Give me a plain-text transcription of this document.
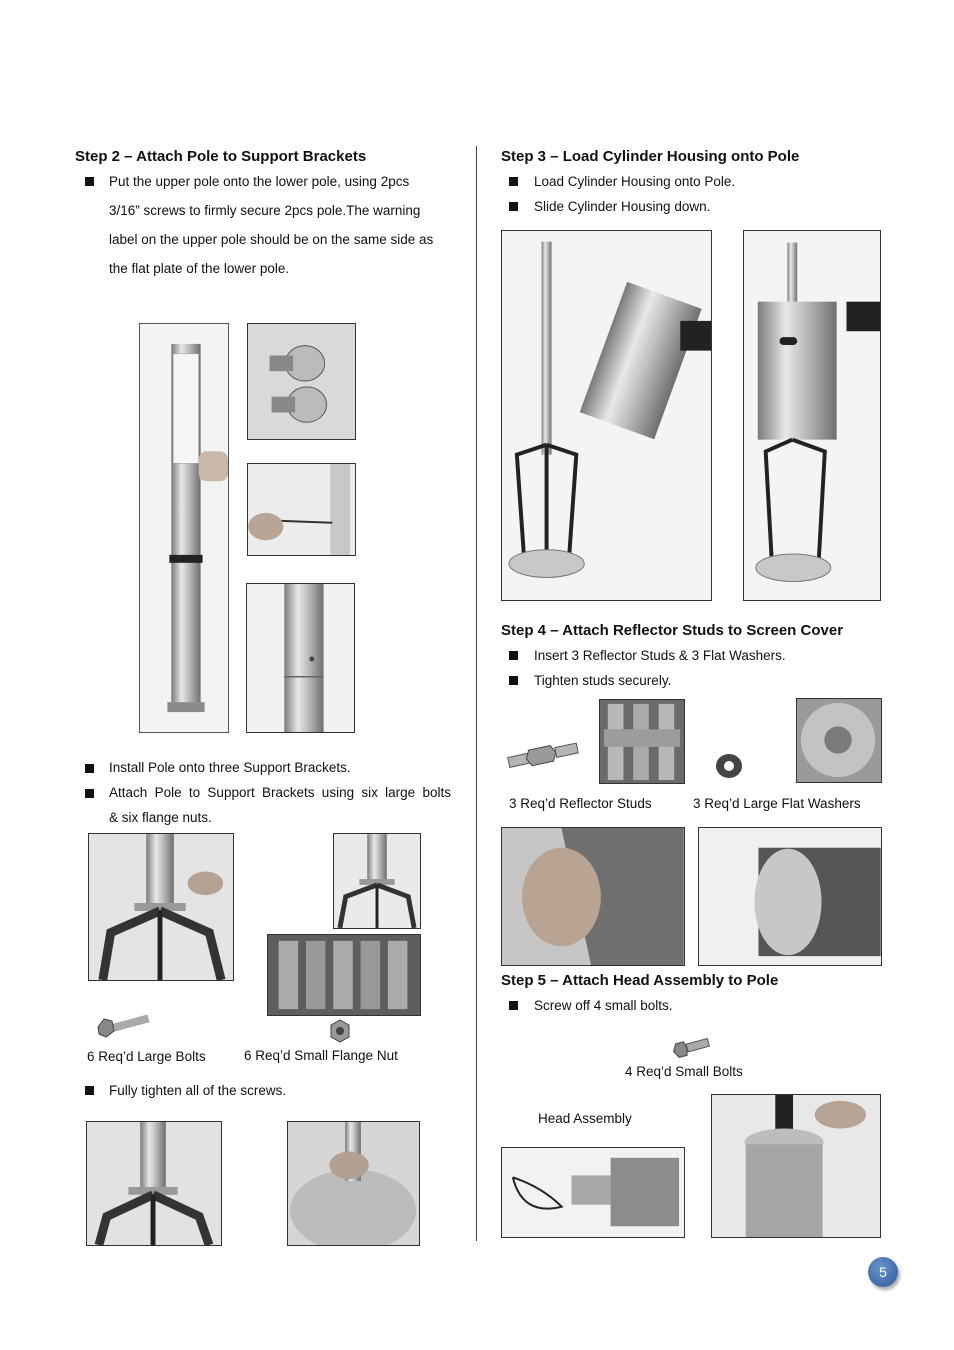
Step 2 – Attach Pole to Support Brackets
Put the upper pole onto the lower pole, using 2pcs
3/16” screws to firmly secure 2pcs pole.The warning
label on the upper pole should be on the same side as
the flat plate of the lower pole.
Install Pole onto three Support Brackets.
Attach Pole to Support Brackets using six large bolts
& six flange nuts.
6 Req’d Large Bolts	6 Req’d Small Flange Nut
Fully tighten all of the screws.
Step 3 – Load Cylinder Housing onto Pole
Load Cylinder Housing onto Pole.
Slide Cylinder Housing down.
Step 4 – Attach Reflector Studs to Screen Cover
Insert 3 Reflector Studs & 3 Flat Washers.
Tighten studs securely.
3 Req’d Reflector Studs	3 Req’d Large Flat Washers
Step 5 – Attach Head Assembly to Pole
Screw off 4 small bolts.
4 Req’d Small Bolts
Head Assembly
5
